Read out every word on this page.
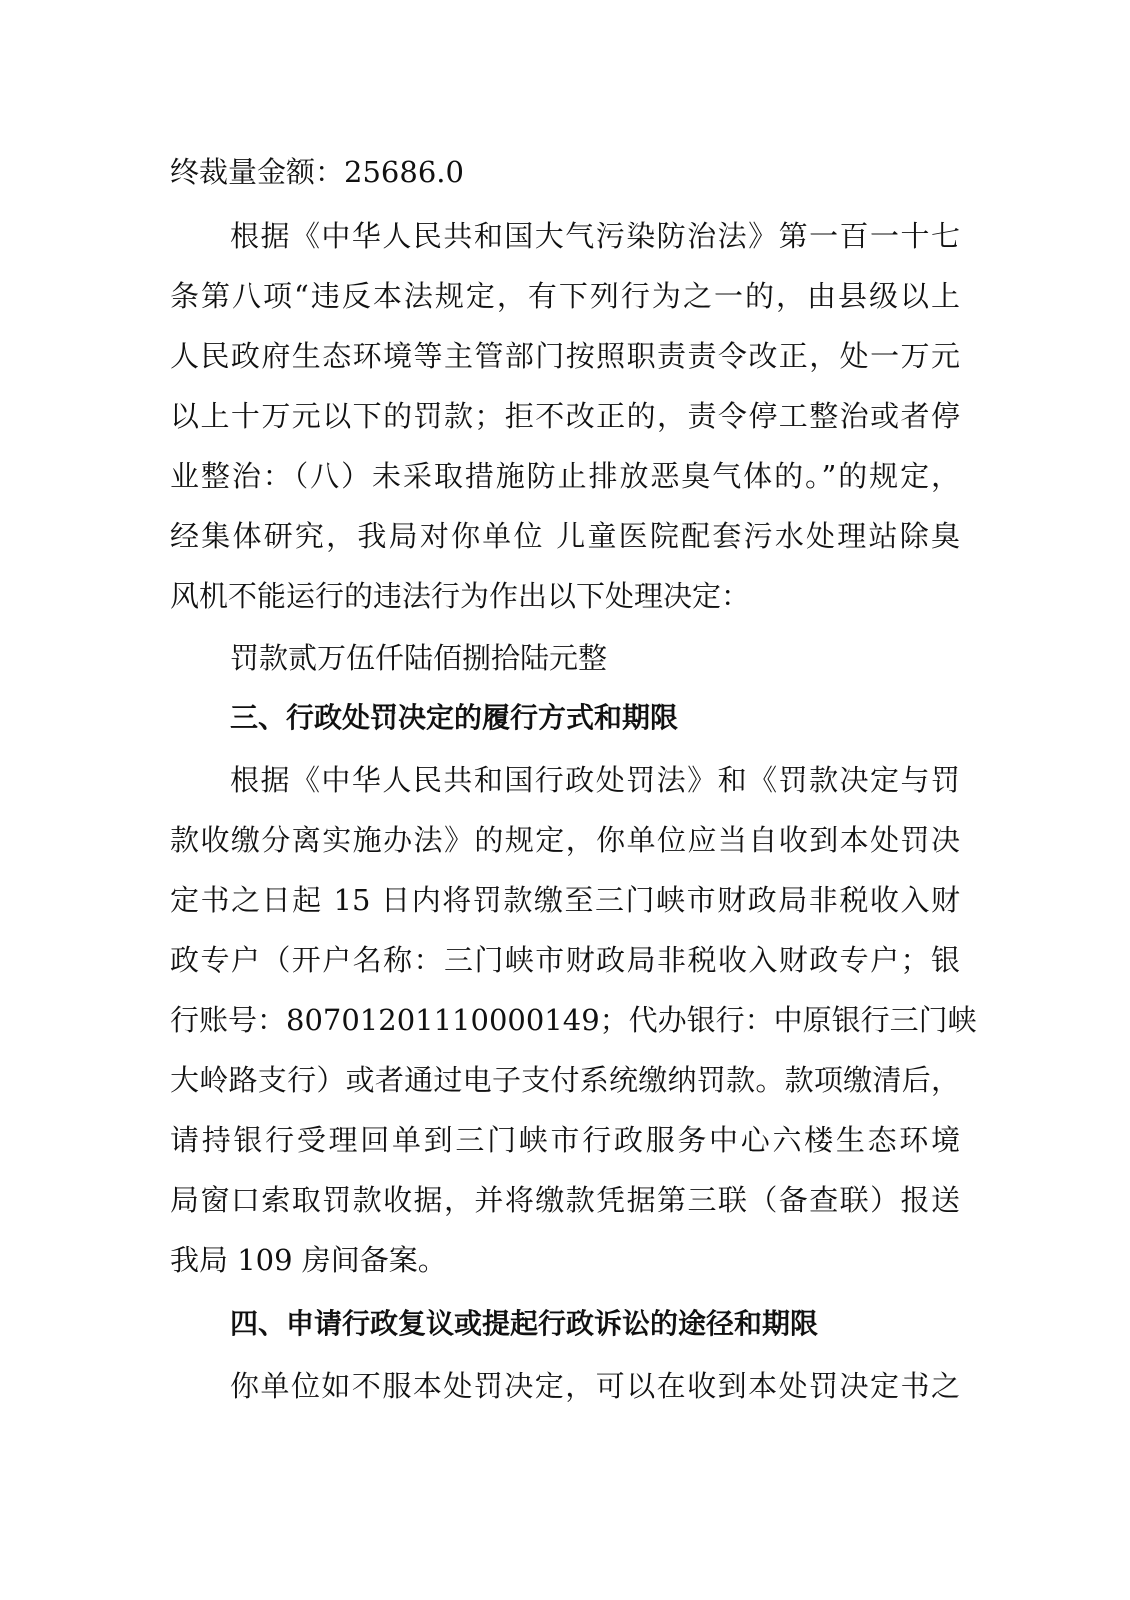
终裁量金额：25686.0
根据《中华人民共和国大气污染防治法》第一百一十七
条第八项“违反本法规定，有下列行为之一的，由县级以上
人民政府生态环境等主管部门按照职责责令改正，处一万元
以上十万元以下的罚款；拒不改正的，责令停工整治或者停
业整治：（八）未采取措施防止排放恶臭气体的。”的规定，
经集体研究，我局对你单位 儿童医院配套污水处理站除臭
风机不能运行的违法行为作出以下处理决定：
罚款贰万伍仟陆佰捌拾陆元整
三、行政处罚决定的履行方式和期限
根据《中华人民共和国行政处罚法》和《罚款决定与罚
款收缴分离实施办法》的规定，你单位应当自收到本处罚决
定书之日起 15 日内将罚款缴至三门峡市财政局非税收入财
政专户（开户名称：三门峡市财政局非税收入财政专户；银
行账号：80701201110000149；代办银行：中原银行三门峡
大岭路支行）或者通过电子支付系统缴纳罚款。款项缴清后，
请持银行受理回单到三门峡市行政服务中心六楼生态环境
局窗口索取罚款收据，并将缴款凭据第三联（备查联）报送
我局 109 房间备案。
四、申请行政复议或提起行政诉讼的途径和期限
你单位如不服本处罚决定，可以在收到本处罚决定书之
